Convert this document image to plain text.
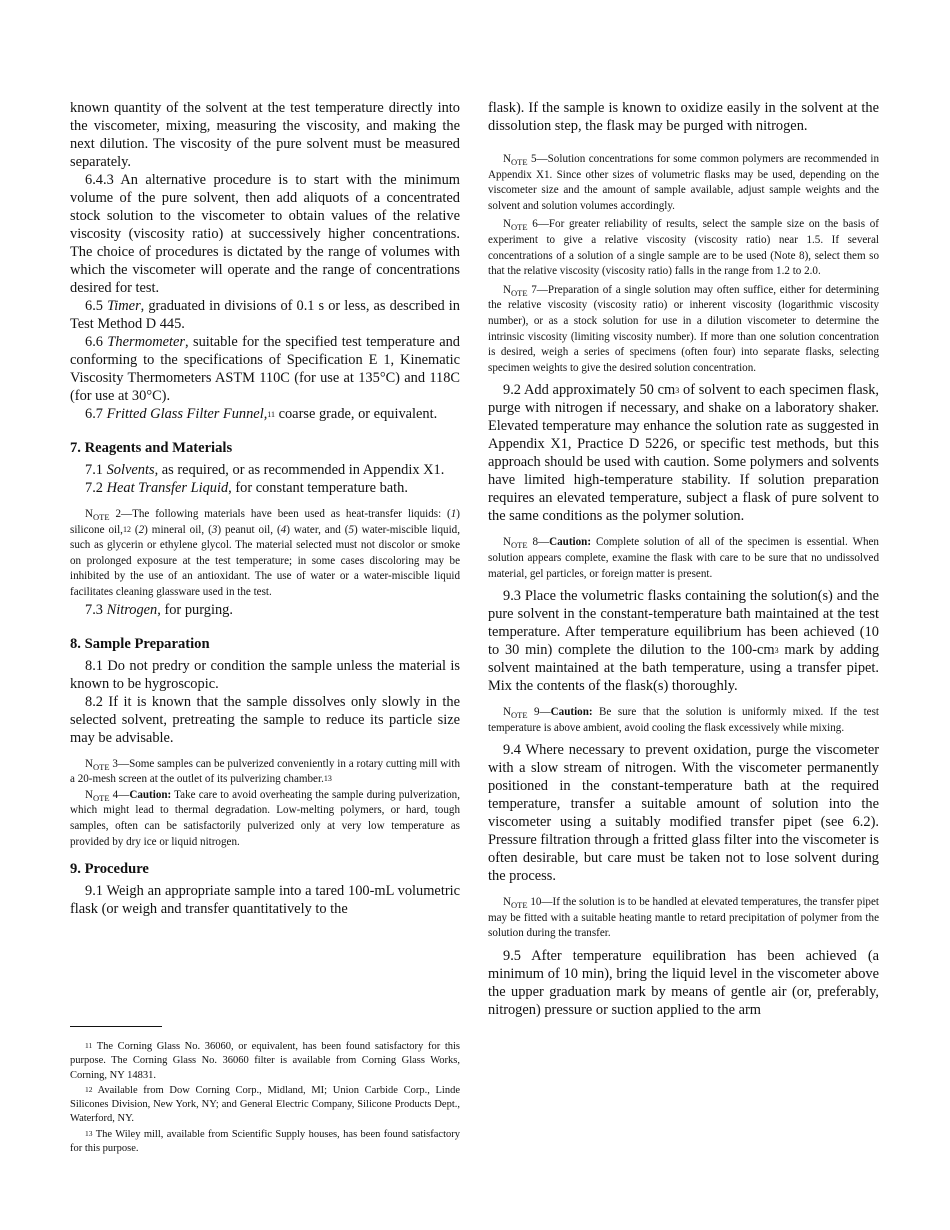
known quantity of the solvent at the test temperature directly into the viscometer, mixing, measuring the viscosity, and making the next dilution. The viscosity of the pure solvent must be measured separately.

6.4.3 An alternative procedure is to start with the minimum volume of the pure solvent, then add aliquots of a concentrated stock solution to the viscometer to obtain values of the relative viscosity (viscosity ratio) at successively higher concentrations. The choice of procedures is dictated by the range of volumes with which the viscometer will operate and the range of concentrations desired for test.

6.5 Timer, graduated in divisions of 0.1 s or less, as described in Test Method D 445.

6.6 Thermometer, suitable for the specified test temperature and conforming to the specifications of Specification E 1, Kinematic Viscosity Thermometers ASTM 110C (for use at 135°C) and 118C (for use at 30°C).

6.7 Fritted Glass Filter Funnel,$^{11}$ coarse grade, or equivalent.

7. Reagents and Materials

7.1 Solvents, as required, or as recommended in Appendix X1.

7.2 Heat Transfer Liquid, for constant temperature bath.

$N_{OTE}$ 2—The following materials have been used as heat-transfer liquids: (1) silicone oil,$^{12}$ (2) mineral oil, (3) peanut oil, (4) water, and (5) water-miscible liquid, such as glycerin or ethylene glycol. The material selected must not discolor or smoke on prolonged exposure at the test temperature; in some cases discoloring may be inhibited by the use of an antioxidant. The use of water or a water-miscible liquid facilitates cleaning glassware used in the test.

7.3 Nitrogen, for purging.

8. Sample Preparation

8.1 Do not predry or condition the sample unless the material is known to be hygroscopic.

8.2 If it is known that the sample dissolves only slowly in the selected solvent, pretreating the sample to reduce its particle size may be advisable.

$N_{OTE}$ 3—Some samples can be pulverized conveniently in a rotary cutting mill with a 20-mesh screen at the outlet of its pulverizing chamber.$^{13}$

$N_{OTE}$ 4—Caution: Take care to avoid overheating the sample during pulverization, which might lead to thermal degradation. Low-melting polymers, or hard, tough samples, often can be satisfactorily pulverized only at very low temperature as provided by dry ice or liquid nitrogen.

9. Procedure

9.1 Weigh an appropriate sample into a tared 100-mL volumetric flask (or weigh and transfer quantitatively to the

$^{11}$ The Corning Glass No. 36060, or equivalent, has been found satisfactory for this purpose. The Corning Glass No. 36060 filter is available from Corning Glass Works, Corning, NY 14831.

$^{12}$ Available from Dow Corning Corp., Midland, MI; Union Carbide Corp., Linde Silicones Division, New York, NY; and General Electric Company, Silicone Products Dept., Waterford, NY.

$^{13}$ The Wiley mill, available from Scientific Supply houses, has been found satisfactory for this purpose.

flask). If the sample is known to oxidize easily in the solvent at the dissolution step, the flask may be purged with nitrogen.

$N_{OTE}$ 5—Solution concentrations for some common polymers are recommended in Appendix X1. Since other sizes of volumetric flasks may be used, depending on the viscometer size and the amount of sample available, adjust sample weights and the solvent and solution volumes accordingly.

$N_{OTE}$ 6—For greater reliability of results, select the sample size on the basis of experiment to give a relative viscosity (viscosity ratio) near 1.5. If several concentrations of a solution of a single sample are to be used (Note 8), select them so that the relative viscosity (viscosity ratio) falls in the range from 1.2 to 2.0.

$N_{OTE}$ 7—Preparation of a single solution may often suffice, either for determining the relative viscosity (viscosity ratio) or inherent viscosity (logarithmic viscosity number), or as a stock solution for use in a dilution viscometer to determine the intrinsic viscosity (limiting viscosity number). If more than one solution concentration is desired, weigh a series of specimens (often four) into separate flasks, selecting specimen weights to give the desired solution concentration.

9.2 Add approximately 50 $cm^3$ of solvent to each specimen flask, purge with nitrogen if necessary, and shake on a laboratory shaker. Elevated temperature may enhance the solution rate as suggested in Appendix X1, Practice D 5226, or specific test methods, but this approach should be used with caution. Some polymers and solvents have limited high-temperature stability. If solution preparation requires an elevated temperature, subject a flask of pure solvent to the same conditions as the polymer solution.

$N_{OTE}$ 8—Caution: Complete solution of all of the specimen is essential. When solution appears complete, examine the flask with care to be sure that no undissolved material, gel particles, or foreign matter is present.

9.3 Place the volumetric flasks containing the solution(s) and the pure solvent in the constant-temperature bath maintained at the test temperature. After temperature equilibrium has been achieved (10 to 30 min) complete the dilution to the $100-cm^3$ mark by adding solvent maintained at the bath temperature, using a transfer pipet. Mix the contents of the flask(s) thoroughly.

$N_{OTE}$ 9—Caution: Be sure that the solution is uniformly mixed. If the test temperature is above ambient, avoid cooling the flask excessively while mixing.

9.4 Where necessary to prevent oxidation, purge the viscometer with a slow stream of nitrogen. With the viscometer permanently positioned in the constant-temperature bath at the required temperature, transfer a suitable amount of solution into the viscometer using a suitably modified transfer pipet (see 6.2). Pressure filtration through a fritted glass filter into the viscometer is often desirable, but care must be taken not to lose solvent during the process.

$N_{OTE}$ 10—If the solution is to be handled at elevated temperatures, the transfer pipet may be fitted with a suitable heating mantle to retard precipitation of polymer from the solution during the transfer.

9.5 After temperature equilibration has been achieved (a minimum of 10 min), bring the liquid level in the viscometer above the upper graduation mark by means of gentle air (or, preferably, nitrogen) pressure or suction applied to the arm
